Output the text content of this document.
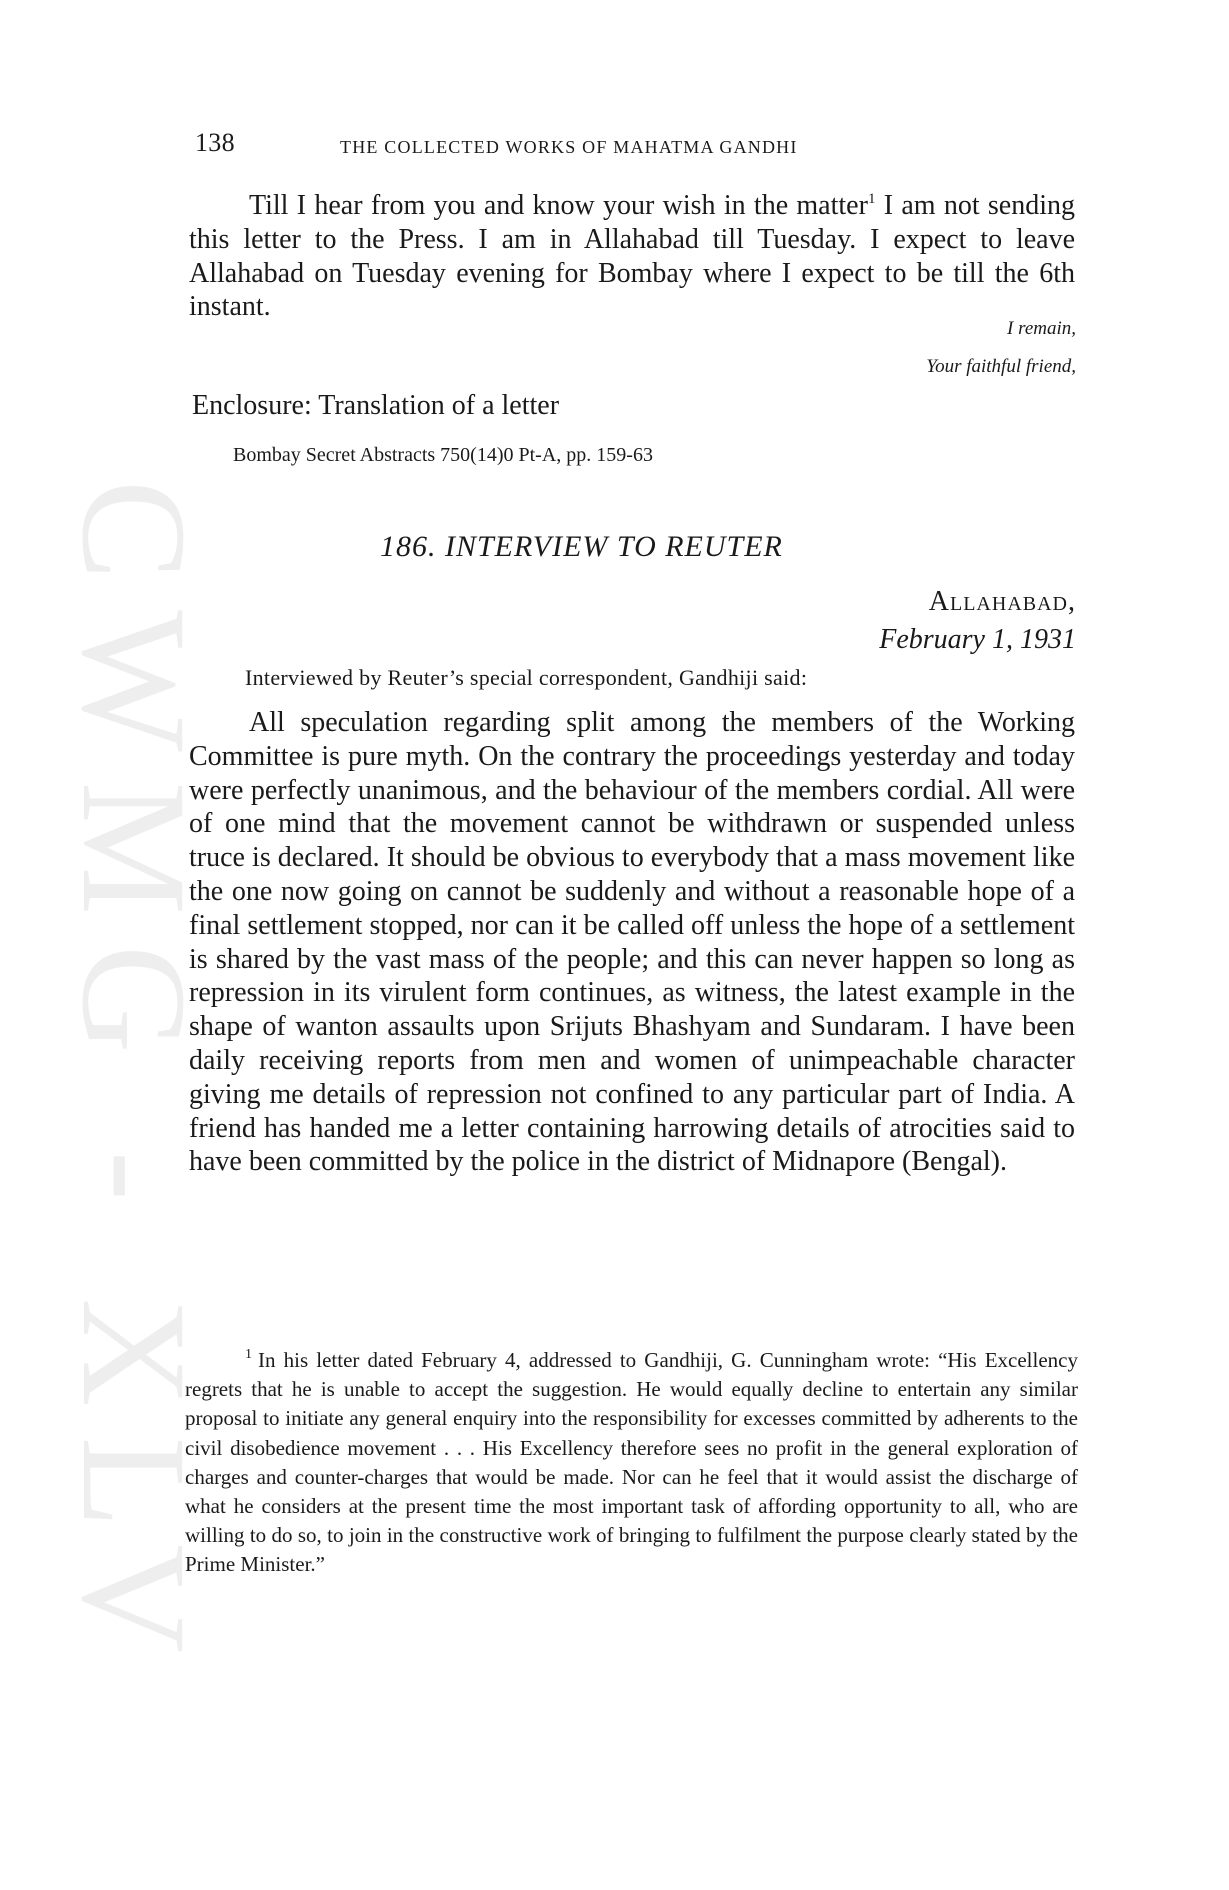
CWMG - XLV
138	THE COLLECTED WORKS OF MAHATMA GANDHI

Till I hear from you and know your wish in the matter$^1$ I am not sending this letter to the Press. I am in Allahabad till Tuesday. I expect to leave Allahabad on Tuesday evening for Bombay where I expect to be till the 6th instant.

I remain,
Your faithful friend,
Enclosure: Translation of a letter
Bombay Secret Abstracts 750(14)0 Pt-A, pp. 159-63
186. INTERVIEW TO REUTER
Allahabad,
February 1, 1931
Interviewed by Reuter’s special correspondent, Gandhiji said:

All speculation regarding split among the members of the Working Committee is pure myth. On the contrary the proceedings yesterday and today were perfectly unanimous, and the behaviour of the members cordial. All were of one mind that the movement cannot be withdrawn or suspended unless truce is declared. It should be obvious to everybody that a mass movement like the one now going on cannot be suddenly and without a reasonable hope of a final settlement stopped, nor can it be called off unless the hope of a settlement is shared by the vast mass of the people; and this can never happen so long as repression in its virulent form continues, as witness, the latest example in the shape of wanton assaults upon Srijuts Bhashyam and Sundaram. I have been daily receiving reports from men and women of unimpeachable character giving me details of repression not confined to any particular part of India. A friend has handed me a letter containing harrowing details of atrocities said to have been committed by the police in the district of Midnapore (Bengal).

$^1$ In his letter dated February 4, addressed to Gandhiji, G. Cunningham wrote: “His Excellency regrets that he is unable to accept the suggestion. He would equally decline to entertain any similar proposal to initiate any general enquiry into the responsibility for excesses committed by adherents to the civil disobedience movement . . . His Excellency therefore sees no profit in the general exploration of charges and counter-charges that would be made. Nor can he feel that it would assist the discharge of what he considers at the present time the most important task of affording opportunity to all, who are willing to do so, to join in the constructive work of bringing to fulfilment the purpose clearly stated by the Prime Minister.”
